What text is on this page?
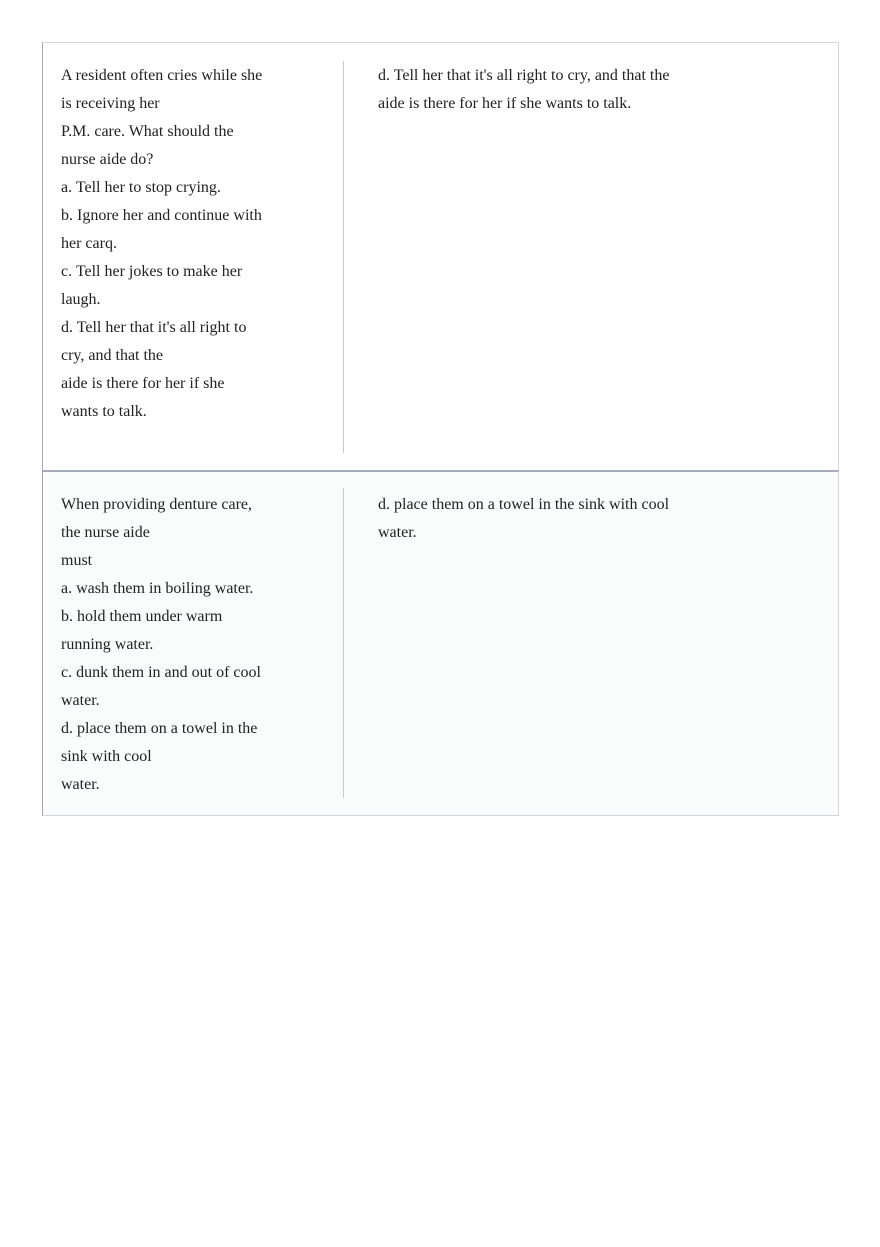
A resident often cries while she
is receiving her
P.M. care. What should the
nurse aide do?
a. Tell her to stop crying.
b. Ignore her and continue with
her carq.
c. Tell her jokes to make her
laugh.
d. Tell her that it's all right to
cry, and that the
aide is there for her if she
wants to talk.
d. Tell her that it's all right to cry, and that the
aide is there for her if she wants to talk.
When providing denture care,
the nurse aide
must
a. wash them in boiling water.
b. hold them under warm
running water.
c. dunk them in and out of cool
water.
d. place them on a towel in the
sink with cool
water.
d. place them on a towel in the sink with cool
water.
